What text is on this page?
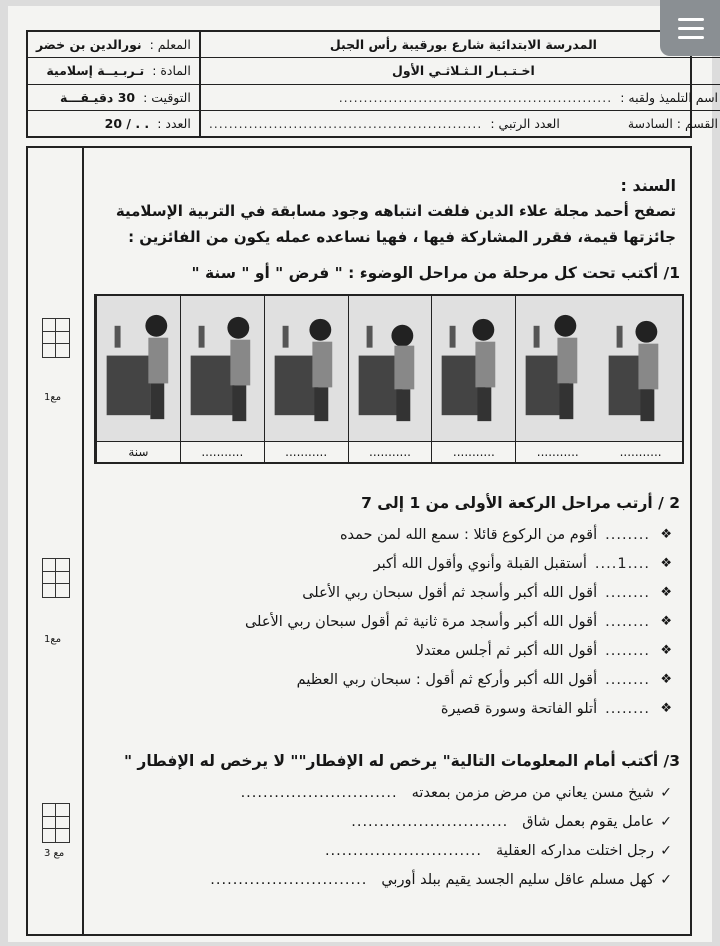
المعلم :
نورالدين بن خضر
المادة :
تـربـيــة إسلامية
التوقيت :
30 دقيـقـــة
العدد :
. . / 20
المدرسة الابتدائية شارع بورقيبة رأس الجبل
اخـتـبـار الـثـلاثـي الأول
اسم التلميذ ولقبه :
.......................................................
القسم : السادسة
العدد الرتبي :
.......................................................
مع1
مع1
مع 3
السند :
تصفح أحمد مجلة علاء الدين فلفت انتباهه وجود مسابقة في التربية الإسلامية
جائزتها قيمة، فقرر المشاركة فيها ، فهيا نساعده عمله يكون من الفائزين :
1/ أكتب تحت كل مرحلة من مراحل الوضوء : " فرض " أو " سنة "
سنة	...........	...........	...........	...........	...........	...........
2 / أرتب مراحل الركعة الأولى من 1 إلى 7
❖
........
أقوم من الركوع قائلا : سمع الله لمن حمده
❖
....1....
أستقبل القبلة وأنوي وأقول الله أكبر
❖
........
أقول الله أكبر وأسجد ثم أقول سبحان ربي الأعلى
❖
........
أقول الله أكبر وأسجد مرة ثانية ثم أقول سبحان ربي الأعلى
❖
........
أقول الله أكبر ثم أجلس معتدلا
❖
........
أقول الله أكبر وأركع ثم أقول : سبحان ربي العظيم
❖
........
أتلو الفاتحة وسورة قصيرة
3/ أكتب أمام المعلومات التالية" يرخص له الإفطار"" لا يرخص له الإفطار "
✓
شيخ مسن يعاني من مرض مزمن بمعدته
............................
✓
عامل يقوم بعمل شاق
............................
✓
رجل اختلت مداركه العقلية
............................
✓
كهل مسلم عاقل سليم الجسد يقيم ببلد أوربي
............................
